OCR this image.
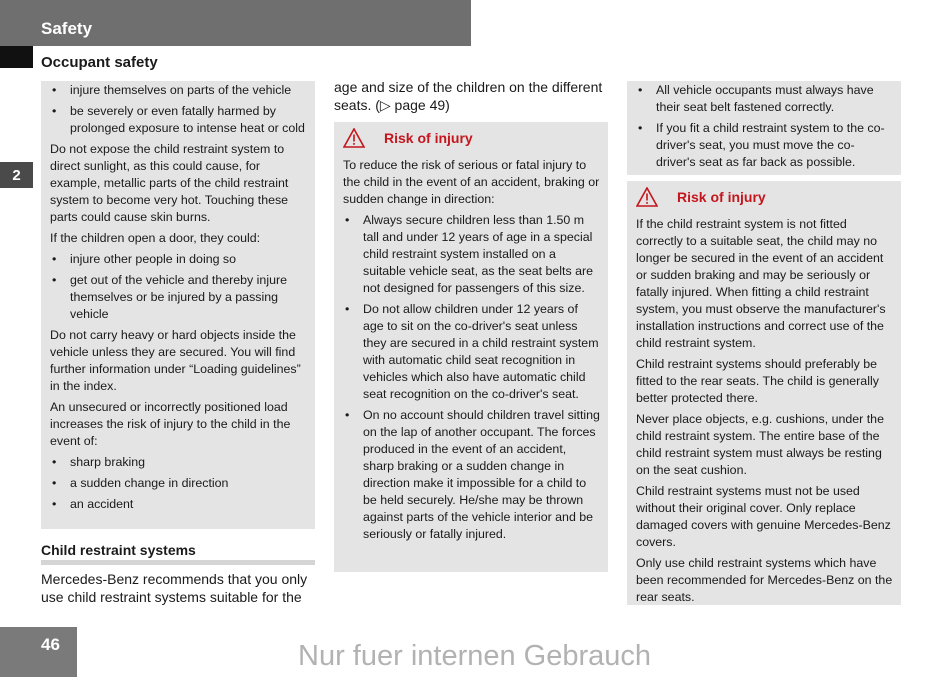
Safety
Occupant safety
2
• injure themselves on parts of the vehicle
• be severely or even fatally harmed by prolonged exposure to intense heat or cold

Do not expose the child restraint system to direct sunlight, as this could cause, for example, metallic parts of the child restraint system to become very hot. Touching these parts could cause skin burns.

If the children open a door, they could:

• injure other people in doing so
• get out of the vehicle and thereby injure themselves or be injured by a passing vehicle

Do not carry heavy or hard objects inside the vehicle unless they are secured. You will find further information under “Loading guidelines” in the index.

An unsecured or incorrectly positioned load increases the risk of injury to the child in the event of:

• sharp braking
• a sudden change in direction
• an accident
Child restraint systems

Mercedes-Benz recommends that you only use child restraint systems suitable for the

age and size of the children on the different seats. (▷ page 49)

Risk of injury

To reduce the risk of serious or fatal injury to the child in the event of an accident, braking or sudden change in direction:

• Always secure children less than 1.50 m tall and under 12 years of age in a special child restraint system installed on a suitable vehicle seat, as the seat belts are not designed for passengers of this size.
• Do not allow children under 12 years of age to sit on the co-driver's seat unless they are secured in a child restraint system with automatic child seat recognition in vehicles which also have automatic child seat recognition on the co-driver's seat.
• On no account should children travel sitting on the lap of another occupant. The forces produced in the event of an accident, sharp braking or a sudden change in direction make it impossible for a child to be held securely. He/she may be thrown against parts of the vehicle interior and be seriously or fatally injured.
• All vehicle occupants must always have their seat belt fastened correctly.
• If you fit a child restraint system to the co-driver's seat, you must move the co-driver's seat as far back as possible.
Risk of injury

If the child restraint system is not fitted correctly to a suitable seat, the child may no longer be secured in the event of an accident or sudden braking and may be seriously or fatally injured. When fitting a child restraint system, you must observe the manufacturer's installation instructions and correct use of the child restraint system.

Child restraint systems should preferably be fitted to the rear seats. The child is generally better protected there.

Never place objects, e.g. cushions, under the child restraint system. The entire base of the child restraint system must always be resting on the seat cushion.

Child restraint systems must not be used without their original cover. Only replace damaged covers with genuine Mercedes-Benz covers.

Only use child restraint systems which have been recommended for Mercedes-Benz on the rear seats.

46	Nur fuer internen Gebrauch
